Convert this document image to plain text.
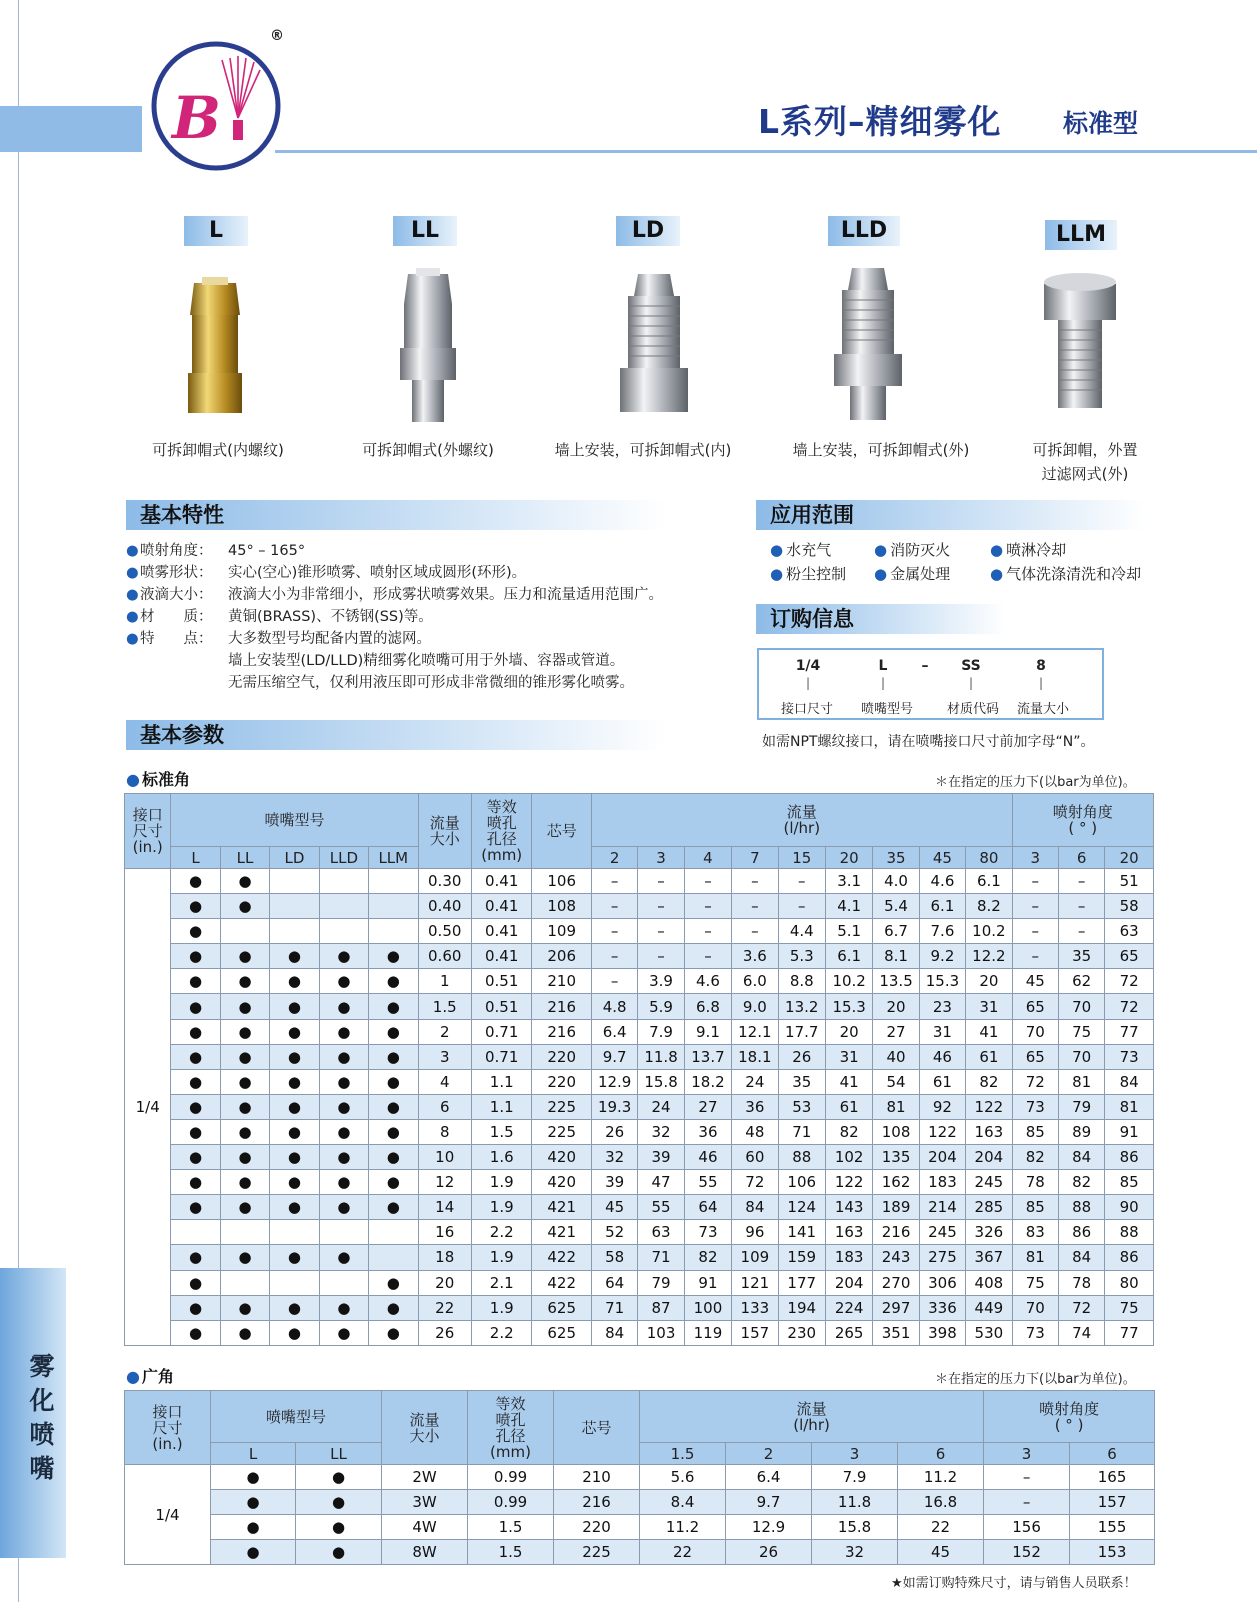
雾化喷嘴
B
®
L系列–精细雾化 标准型
L	LL	LD	LLD	LLM
可拆卸帽式(内螺纹)	可拆卸帽式(外螺纹)	墙上安装，可拆卸帽式(内)	墙上安装，可拆卸帽式(外)	可拆卸帽，外置
过滤网式(外)
基本特性
● 喷射角度：	45° – 165°
● 喷雾形状：	实心(空心)锥形喷雾、喷射区域成圆形(环形)。
● 液滴大小：	液滴大小为非常细小，形成雾状喷雾效果。压力和流量适用范围广。
● 材　　质：	黄铜(BRASS)、不锈钢(SS)等。
● 特　　点：	大多数型号均配备内置的滤网。
墙上安装型(LD/LLD)精细雾化喷嘴可用于外墙、容器或管道。
无需压缩空气，仅利用液压即可形成非常微细的锥形雾化喷雾。
应用范围
● 水充气	● 消防灭火	● 喷淋冷却
● 粉尘控制	● 金属处理	● 气体洗涤清洗和冷却
订购信息
1/4	L	–	SS	8
|	|	|	|
接口尺寸	喷嘴型号	材质代码	流量大小
如需NPT螺纹接口，请在喷嘴接口尺寸前加字母“N”。
基本参数
● 标准角	＊在指定的压力下(以bar为单位)。
接口
尺寸
(in.)	喷嘴型号					流量
大小	等效
喷孔
孔径
(mm)	芯号	流量
(l/hr)									喷射角度
( ° )		
	L	LL	LD	LLD	LLM				2	3	4	7	15	20	35	45	80	3	6	20
1/4	●	●				0.30	0.41	106	–	–	–	–	–	3.1	4.0	4.6	6.1	–	–	51
	●	●				0.40	0.41	108	–	–	–	–	–	4.1	5.4	6.1	8.2	–	–	58
	●					0.50	0.41	109	–	–	–	–	4.4	5.1	6.7	7.6	10.2	–	–	63
	●	●	●	●	●	0.60	0.41	206	–	–	–	3.6	5.3	6.1	8.1	9.2	12.2	–	35	65
	●	●	●	●	●	1	0.51	210	–	3.9	4.6	6.0	8.8	10.2	13.5	15.3	20	45	62	72
	●	●	●	●	●	1.5	0.51	216	4.8	5.9	6.8	9.0	13.2	15.3	20	23	31	65	70	72
	●	●	●	●	●	2	0.71	216	6.4	7.9	9.1	12.1	17.7	20	27	31	41	70	75	77
	●	●	●	●	●	3	0.71	220	9.7	11.8	13.7	18.1	26	31	40	46	61	65	70	73
	●	●	●	●	●	4	1.1	220	12.9	15.8	18.2	24	35	41	54	61	82	72	81	84
	●	●	●	●	●	6	1.1	225	19.3	24	27	36	53	61	81	92	122	73	79	81
	●	●	●	●	●	8	1.5	225	26	32	36	48	71	82	108	122	163	85	89	91
	●	●	●	●	●	10	1.6	420	32	39	46	60	88	102	135	204	204	82	84	86
	●	●	●	●	●	12	1.9	420	39	47	55	72	106	122	162	183	245	78	82	85
	●	●	●	●	●	14	1.9	421	45	55	64	84	124	143	189	214	285	85	88	90
						16	2.2	421	52	63	73	96	141	163	216	245	326	83	86	88
	●	●	●	●		18	1.9	422	58	71	82	109	159	183	243	275	367	81	84	86
	●				●	20	2.1	422	64	79	91	121	177	204	270	306	408	75	78	80
	●	●	●	●	●	22	1.9	625	71	87	100	133	194	224	297	336	449	70	72	75
	●	●	●	●	●	26	2.2	625	84	103	119	157	230	265	351	398	530	73	74	77
● 广角	＊在指定的压力下(以bar为单位)。
接口
尺寸
(in.)	喷嘴型号		流量
大小	等效
喷孔
孔径
(mm)	芯号	流量
(l/hr)				喷射角度
( ° )	
	L	LL				1.5	2	3	6	3	6
1/4	●	●	2W	0.99	210	5.6	6.4	7.9	11.2	–	165
	●	●	3W	0.99	216	8.4	9.7	11.8	16.8	–	157
	●	●	4W	1.5	220	11.2	12.9	15.8	22	156	155
	●	●	8W	1.5	225	22	26	32	45	152	153
★如需订购特殊尺寸，请与销售人员联系！
